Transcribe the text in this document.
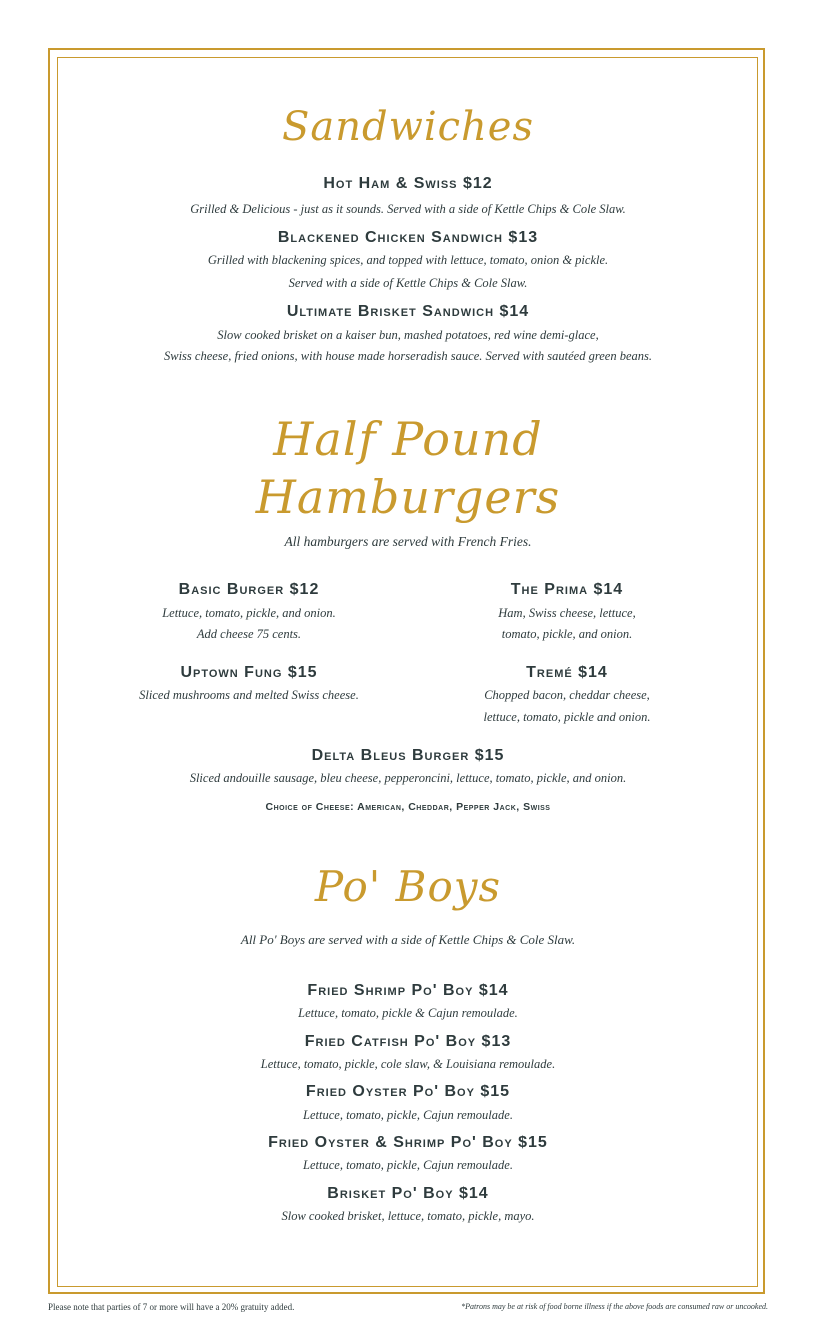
Sandwiches

Hot Ham & Swiss $12

Grilled & Delicious - just as it sounds. Served with a side of Kettle Chips & Cole Slaw.

Blackened Chicken Sandwich $13

Grilled with blackening spices, and topped with lettuce, tomato, onion & pickle.

Served with a side of Kettle Chips & Cole Slaw.

Ultimate Brisket Sandwich $14

Slow cooked brisket on a kaiser bun, mashed potatoes, red wine demi-glace,

Swiss cheese, fried onions, with house made horseradish sauce. Served with sautéed green beans.

Half Pound
Hamburgers

All hamburgers are served with French Fries.

Basic Burger $12

Lettuce, tomato, pickle, and onion.

Add cheese 75 cents.

The Prima $14

Ham, Swiss cheese, lettuce,

tomato, pickle, and onion.

Uptown Fung $15

Sliced mushrooms and melted Swiss cheese.

Tremé $14

Chopped bacon, cheddar cheese,

lettuce, tomato, pickle and onion.

Delta Bleus Burger $15

Sliced andouille sausage, bleu cheese, pepperoncini, lettuce, tomato, pickle, and onion.

Choice of Cheese: American, Cheddar, Pepper Jack, Swiss

Po' Boys

All Po' Boys are served with a side of Kettle Chips & Cole Slaw.

Fried Shrimp Po' Boy $14

Lettuce, tomato, pickle & Cajun remoulade.

Fried Catfish Po' Boy $13

Lettuce, tomato, pickle, cole slaw, & Louisiana remoulade.

Fried Oyster Po' Boy $15

Lettuce, tomato, pickle, Cajun remoulade.

Fried Oyster & Shrimp Po' Boy $15

Lettuce, tomato, pickle, Cajun remoulade.

Brisket Po' Boy $14

Slow cooked brisket, lettuce, tomato, pickle, mayo.

Please note that parties of 7 or more will have a 20% gratuity added.	*Patrons may be at risk of food borne illness if the above foods are consumed raw or uncooked.
